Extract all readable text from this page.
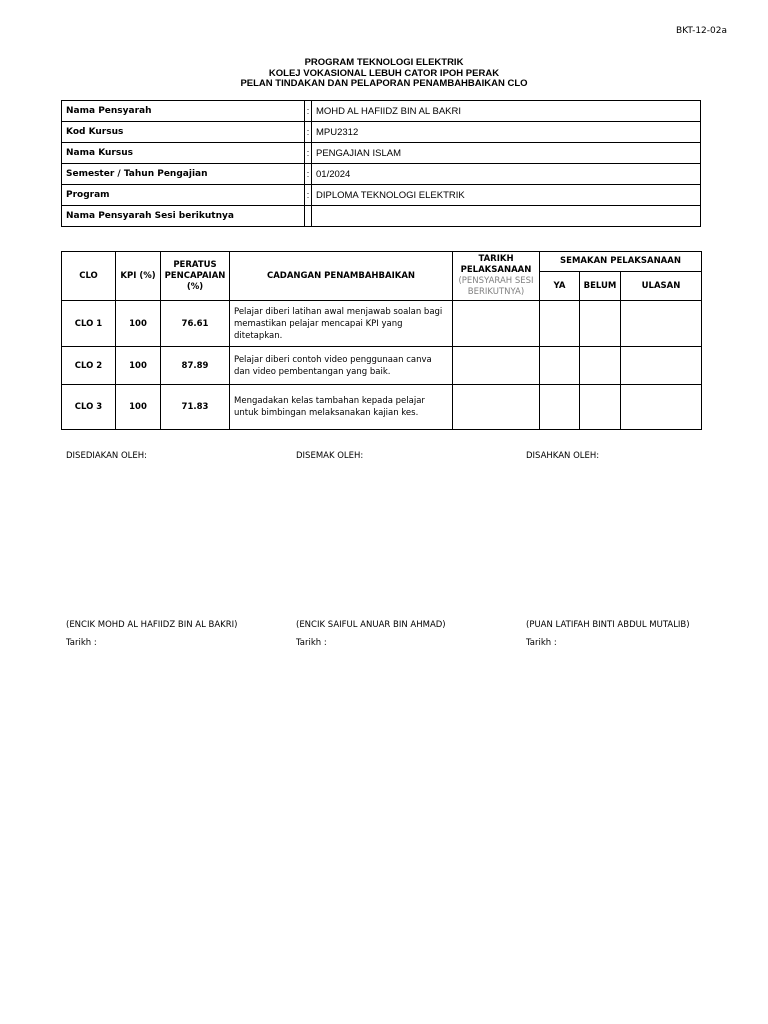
BKT-12-02a
PROGRAM TEKNOLOGI ELEKTRIK
KOLEJ VOKASIONAL LEBUH CATOR IPOH PERAK
PELAN TINDAKAN DAN PELAPORAN PENAMBAHBAIKAN CLO
Nama Pensyarah	:	MOHD AL HAFIIDZ BIN AL BAKRI
Kod Kursus	:	MPU2312
Nama Kursus	:	PENGAJIAN ISLAM
Semester / Tahun Pengajian	:	01/2024
Program	:	DIPLOMA TEKNOLOGI ELEKTRIK
Nama Pensyarah Sesi berikutnya		
CLO	KPI (%)	PERATUS PENCAPAIAN (%)	CADANGAN PENAMBAHBAIKAN	TARIKH PELAKSANAAN
(PENSYARAH SESI BERIKUTNYA)	SEMAKAN PELAKSANAAN		
					YA	BELUM	ULASAN
CLO 1	100	76.61	Pelajar diberi latihan awal menjawab soalan bagi memastikan pelajar mencapai KPI yang ditetapkan.				
CLO 2	100	87.89	Pelajar diberi contoh video penggunaan canva dan video pembentangan yang baik.				
CLO 3	100	71.83	Mengadakan kelas tambahan kepada pelajar untuk bimbingan melaksanakan kajian kes.				
DISEDIAKAN OLEH:	DISEMAK OLEH:	DISAHKAN OLEH:
(ENCIK MOHD AL HAFIIDZ BIN AL BAKRI)	(ENCIK SAIFUL ANUAR BIN AHMAD)	(PUAN LATIFAH BINTI ABDUL MUTALIB)
Tarikh :	Tarikh :	Tarikh :
